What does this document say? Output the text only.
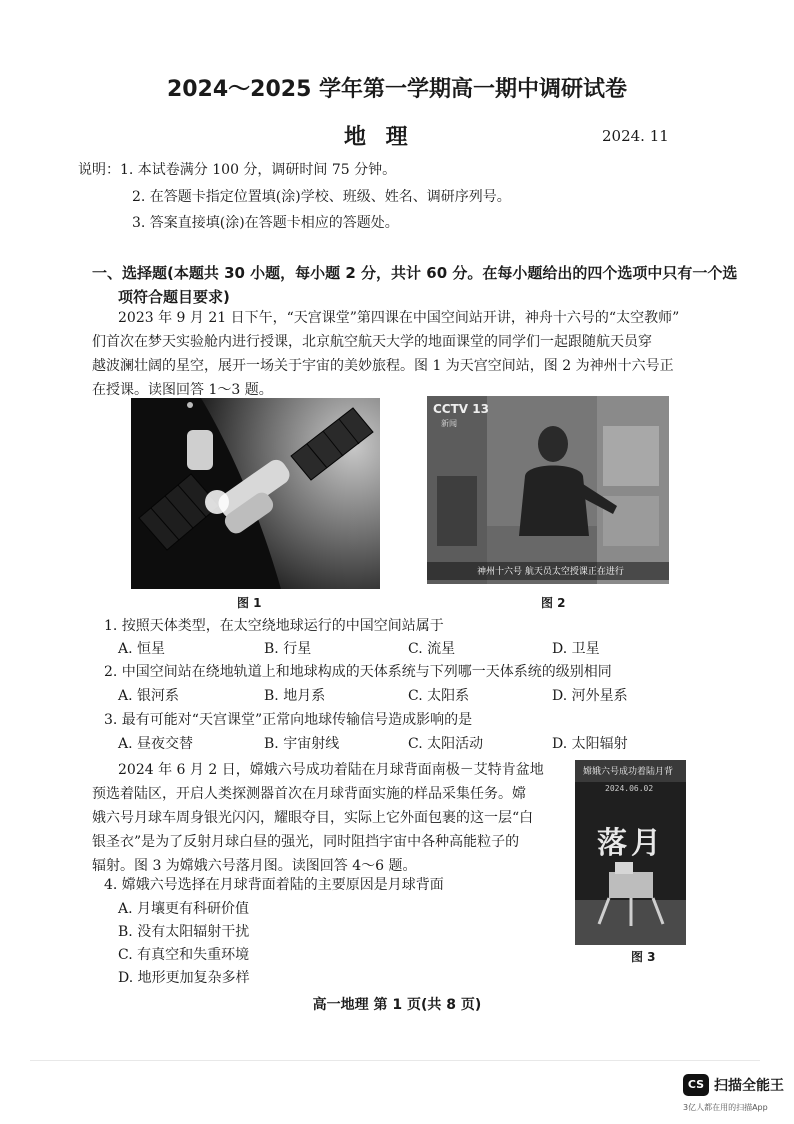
2024～2025 学年第一学期高一期中调研试卷
地 理	2024. 11
说明：1. 本试卷满分 100 分，调研时间 75 分钟。
2. 在答题卡指定位置填(涂)学校、班级、姓名、调研序列号。
3. 答案直接填(涂)在答题卡相应的答题处。
一、选择题(本题共 30 小题，每小题 2 分，共计 60 分。在每小题给出的四个选项中只有一个选
项符合题目要求)
2023 年 9 月 21 日下午，“天宫课堂”第四课在中国空间站开讲，神舟十六号的“太空教师”
们首次在梦天实验舱内进行授课，北京航空航天大学的地面课堂的同学们一起跟随航天员穿
越波澜壮阔的星空，展开一场关于宇宙的美妙旅程。图 1 为天宫空间站，图 2 为神州十六号正
在授课。读图回答 1～3 题。
图 1
CCTV 13
新闻
神州十六号 航天员太空授课正在进行
图 2
1. 按照天体类型，在太空绕地球运行的中国空间站属于
A. 恒星	B. 行星	C. 流星	D. 卫星
2. 中国空间站在绕地轨道上和地球构成的天体系统与下列哪一天体系统的级别相同
A. 银河系	B. 地月系	C. 太阳系	D. 河外星系
3. 最有可能对“天宫课堂”正常向地球传输信号造成影响的是
A. 昼夜交替	B. 宇宙射线	C. 太阳活动	D. 太阳辐射
2024 年 6 月 2 日，嫦娥六号成功着陆在月球背面南极－艾特肯盆地
预选着陆区，开启人类探测器首次在月球背面实施的样品采集任务。嫦
娥六号月球车周身银光闪闪，耀眼夺目，实际上它外面包裹的这一层“白
银圣衣”是为了反射月球白昼的强光，同时阻挡宇宙中各种高能粒子的
辐射。图 3 为嫦娥六号落月图。读图回答 4～6 题。
嫦娥六号成功着陆月背
2024.06.02
落月
图 3
4. 嫦娥六号选择在月球背面着陆的主要原因是月球背面
A. 月壤更有科研价值
B. 没有太阳辐射干扰
C. 有真空和失重环境
D. 地形更加复杂多样
高一地理 第 1 页(共 8 页)
CS 扫描全能王
3亿人都在用的扫描App
